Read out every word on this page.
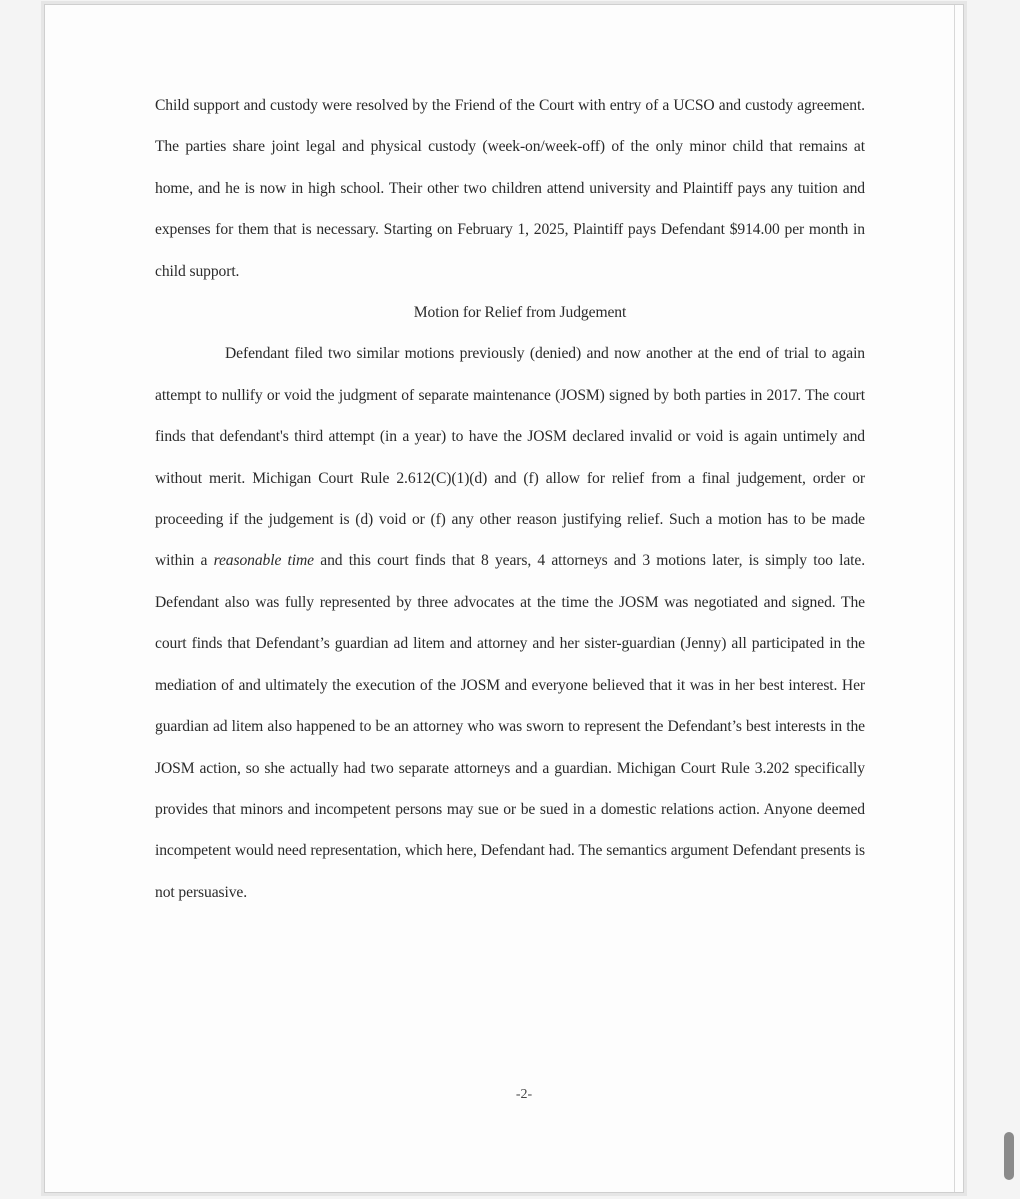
Child support and custody were resolved by the Friend of the Court with entry of a UCSO and custody agreement. The parties share joint legal and physical custody (week-on/week-off) of the only minor child that remains at home, and he is now in high school. Their other two children attend university and Plaintiff pays any tuition and expenses for them that is necessary. Starting on February 1, 2025, Plaintiff pays Defendant $914.00 per month in child support.

Motion for Relief from Judgement

Defendant filed two similar motions previously (denied) and now another at the end of trial to again attempt to nullify or void the judgment of separate maintenance (JOSM) signed by both parties in 2017. The court finds that defendant's third attempt (in a year) to have the JOSM declared invalid or void is again untimely and without merit. Michigan Court Rule 2.612(C)(1)(d) and (f) allow for relief from a final judgement, order or proceeding if the judgement is (d) void or (f) any other reason justifying relief. Such a motion has to be made within a reasonable time and this court finds that 8 years, 4 attorneys and 3 motions later, is simply too late. Defendant also was fully represented by three advocates at the time the JOSM was negotiated and signed. The court finds that Defendant’s guardian ad litem and attorney and her sister-guardian (Jenny) all participated in the mediation of and ultimately the execution of the JOSM and everyone believed that it was in her best interest. Her guardian ad litem also happened to be an attorney who was sworn to represent the Defendant’s best interests in the JOSM action, so she actually had two separate attorneys and a guardian. Michigan Court Rule 3.202 specifically provides that minors and incompetent persons may sue or be sued in a domestic relations action. Anyone deemed incompetent would need representation, which here, Defendant had. The semantics argument Defendant presents is not persuasive.

-2-
